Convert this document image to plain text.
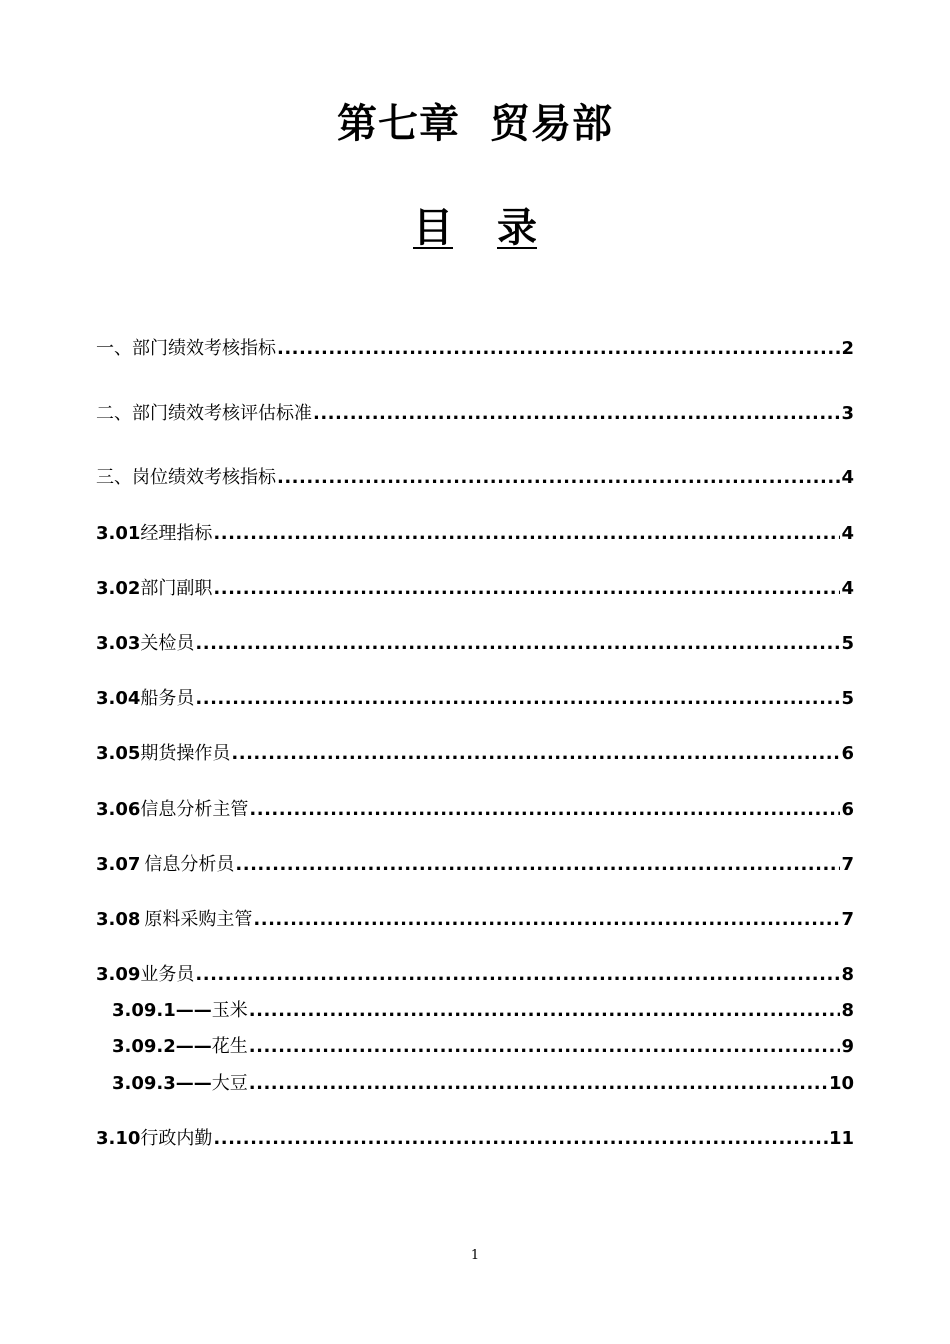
第七章 贸易部
目 录
一、部门绩效考核指标 .....	2
二、部门绩效考核评估标准 .....	3
三、岗位绩效考核指标 .....	4
3.01 经理指标 .....	4
3.02 部门副职 .....	4
3.03 关检员 .....	5
3.04 船务员 .....	5
3.05 期货操作员 .....	6
3.06 信息分析主管 .....	6
3.07 信息分析员 .....	7
3.08 原料采购主管 .....	7
3.09 业务员 .....	8
3.09.1—— 玉米 .....	8
3.09.2—— 花生 .....	9
3.09.3—— 大豆 .....	10
3.10 行政内勤 .....	11
1
